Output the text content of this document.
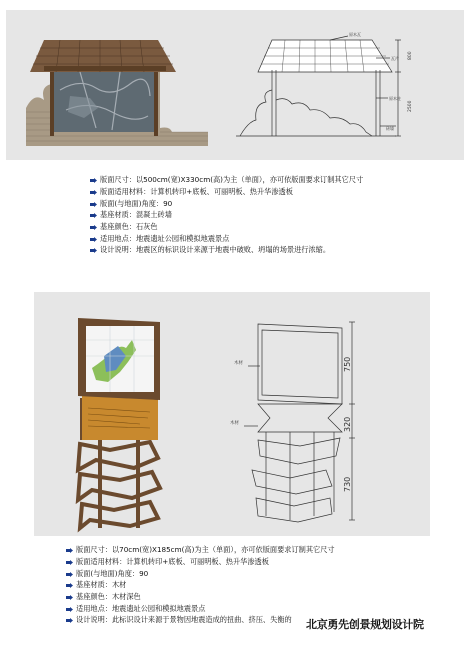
原木瓦
瓦片
原木柱
砖墙
800
2500
版面尺寸：以500cm(宽)X330cm(高)为主（单面），亦可依版面要求订制其它尺寸
版面适用材料：计算机转印+底板、可丽明板、热升华渗透板
版面(与地面)角度：90
基座材质：混凝土砖墙
基座颜色：石灰色
适用地点：地震遗址公园和模拟地震景点
设计说明：地震区的标识设计来源于地震中破败、坍塌的场景进行浓缩。
木材
木材
750
320
730
版面尺寸：以70cm(宽)X185cm(高)为主（单面），亦可依版面要求订制其它尺寸
版面适用材料：计算机转印+底板、可丽明板、热升华渗透板
版面(与地面)角度：90
基座材质：木材
基座颜色：木材深色
适用地点：地震遗址公园和模拟地震景点
设计说明：此标识设计来源于景物因地震造成的扭曲、挤压、失衡的 北京勇先创景规划设计院
